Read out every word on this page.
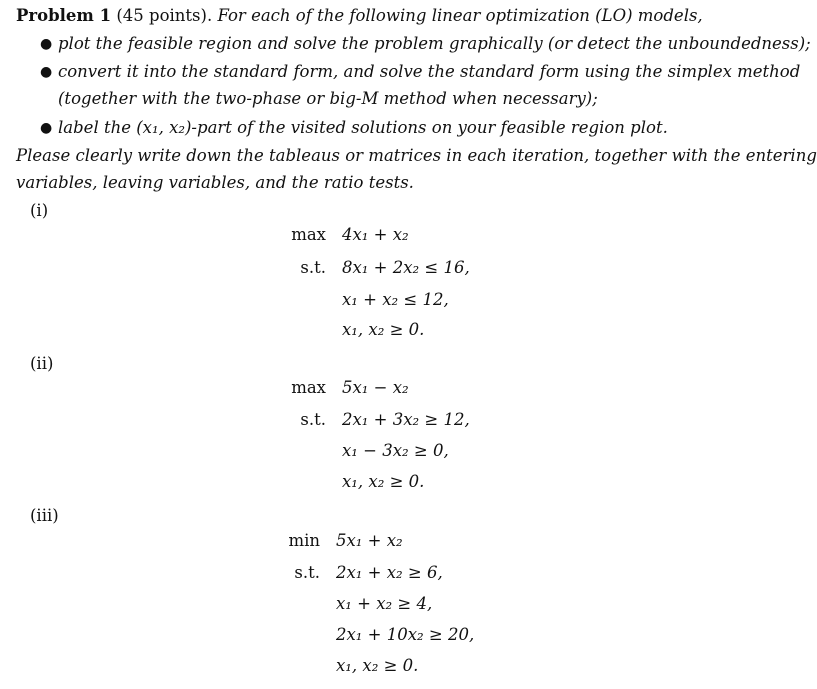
Problem 1 (45 points). For each of the following linear optimization (LO) models,
● plot the feasible region and solve the problem graphically (or detect the unboundedness);
● convert it into the standard form, and solve the standard form using the simplex method
(together with the two-phase or big-M method when necessary);
● label the (x₁, x₂)-part of the visited solutions on your feasible region plot.
Please clearly write down the tableaus or matrices in each iteration, together with the entering
variables, leaving variables, and the ratio tests.
(i)
max 4x₁ + x₂
s.t. 8x₁ + 2x₂ ≤ 16,
x₁ + x₂ ≤ 12,
x₁, x₂ ≥ 0.
(ii)
max 5x₁ − x₂
s.t. 2x₁ + 3x₂ ≥ 12,
x₁ − 3x₂ ≥ 0,
x₁, x₂ ≥ 0.
(iii)
min 5x₁ + x₂
s.t. 2x₁ + x₂ ≥ 6,
x₁ + x₂ ≥ 4,
2x₁ + 10x₂ ≥ 20,
x₁, x₂ ≥ 0.
